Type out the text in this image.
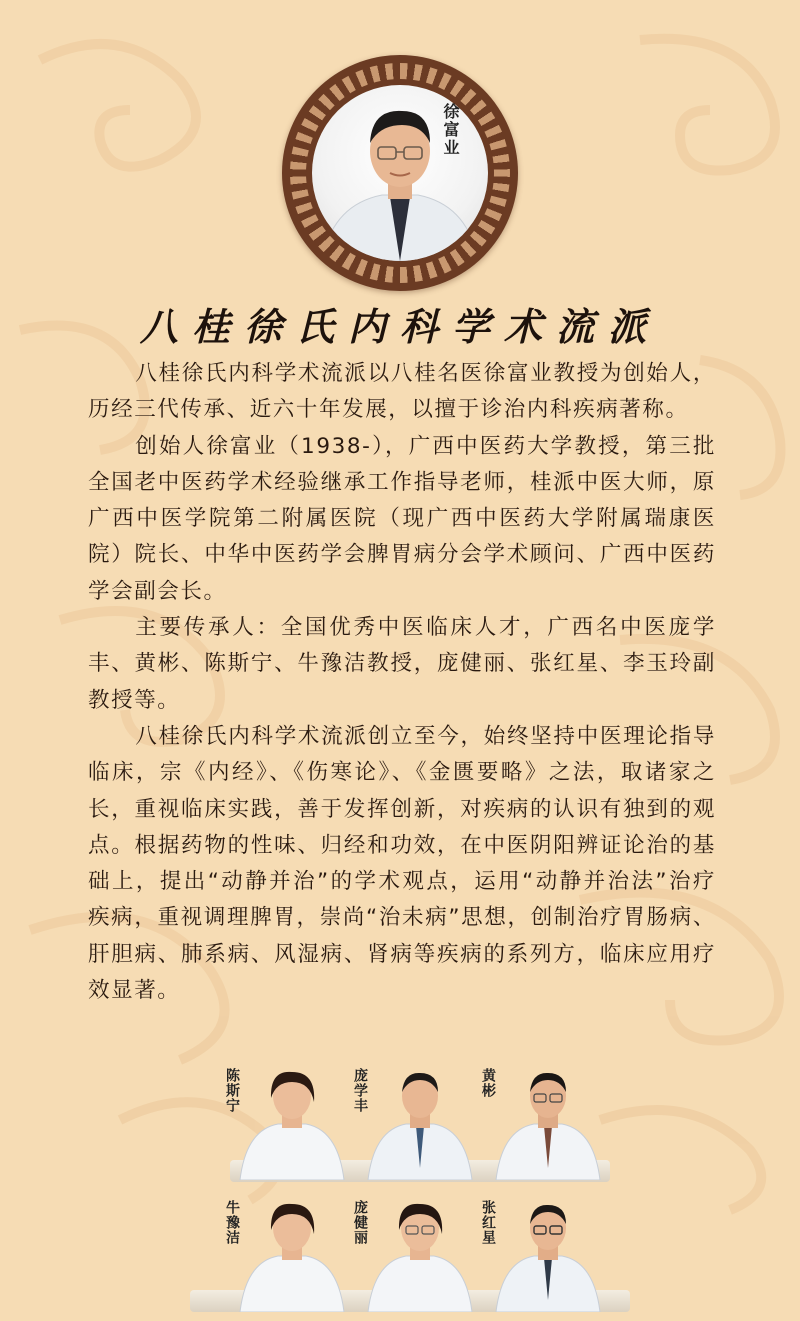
徐富业
八桂徐氏内科学术流派

八桂徐氏内科学术流派以八桂名医徐富业教授为创始人，历经三代传承、近六十年发展，以擅于诊治内科疾病著称。

创始人徐富业（1938-），广西中医药大学教授，第三批全国老中医药学术经验继承工作指导老师，桂派中医大师，原广西中医学院第二附属医院（现广西中医药大学附属瑞康医院）院长、中华中医药学会脾胃病分会学术顾问、广西中医药学会副会长。

主要传承人：全国优秀中医临床人才，广西名中医庞学丰、黄彬、陈斯宁、牛豫洁教授，庞健丽、张红星、李玉玲副教授等。

八桂徐氏内科学术流派创立至今，始终坚持中医理论指导临床，宗《内经》、《伤寒论》、《金匮要略》之法，取诸家之长，重视临床实践，善于发挥创新，对疾病的认识有独到的观点。根据药物的性味、归经和功效，在中医阴阳辨证论治的基础上，提出“动静并治”的学术观点，运用“动静并治法”治疗疾病，重视调理脾胃，崇尚“治未病”思想，创制治疗胃肠病、肝胆病、肺系病、风湿病、肾病等疾病的系列方，临床应用疗效显著。

陈斯宁	庞学丰	黄彬
牛豫洁	庞健丽	张红星
